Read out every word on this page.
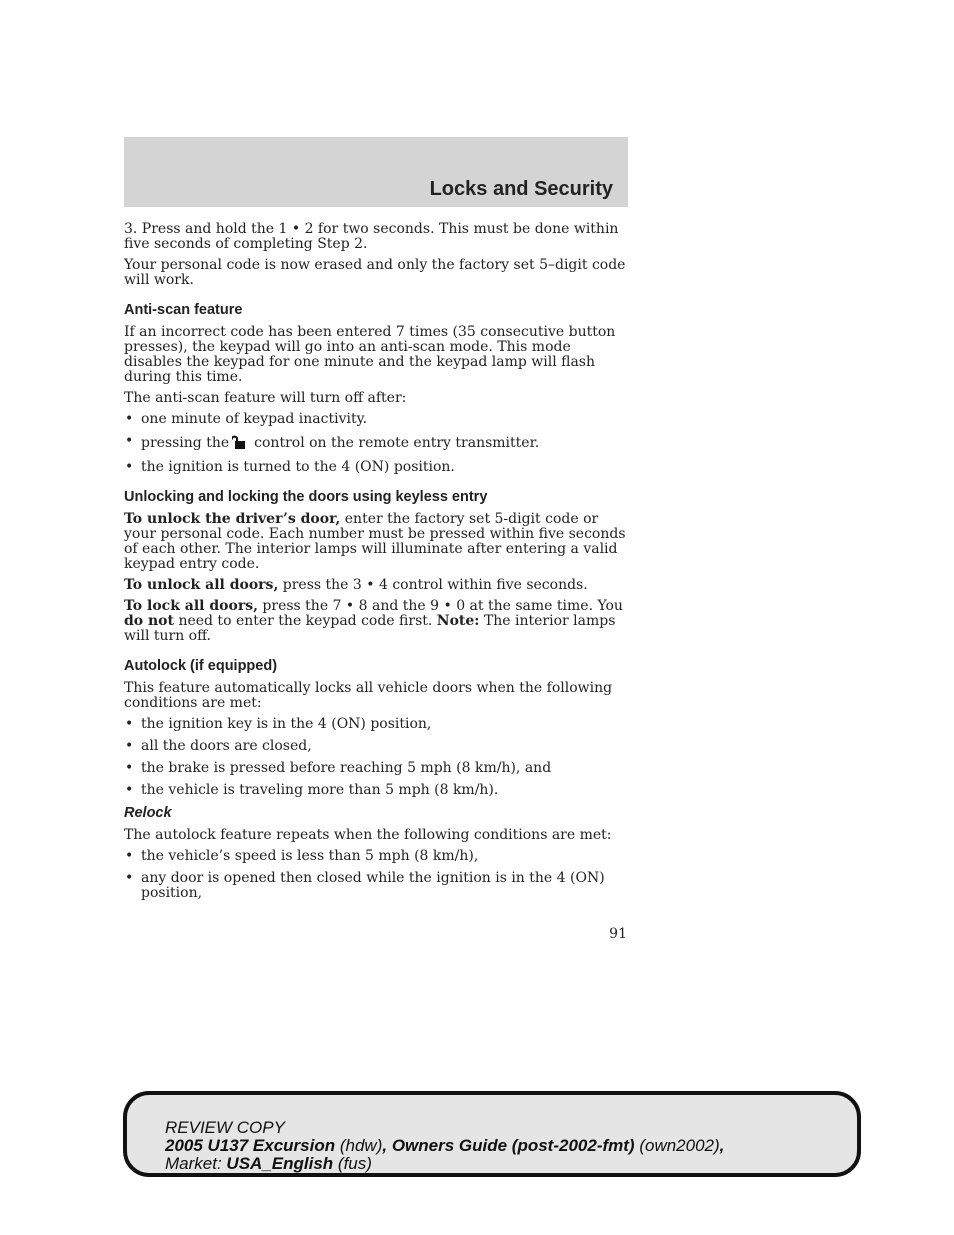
Locks and Security

3. Press and hold the 1 • 2 for two seconds. This must be done within five seconds of completing Step 2.

Your personal code is now erased and only the factory set 5–digit code will work.

Anti-scan feature

If an incorrect code has been entered 7 times (35 consecutive button presses), the keypad will go into an anti-scan mode. This mode disables the keypad for one minute and the keypad lamp will flash during this time.

The anti-scan feature will turn off after:

• one minute of keypad inactivity.
• pressing the control on the remote entry transmitter.
• the ignition is turned to the 4 (ON) position.
Unlocking and locking the doors using keyless entry

To unlock the driver’s door, enter the factory set 5-digit code or your personal code. Each number must be pressed within five seconds of each other. The interior lamps will illuminate after entering a valid keypad entry code.

To unlock all doors, press the 3 • 4 control within five seconds.

To lock all doors, press the 7 • 8 and the 9 • 0 at the same time. You do not need to enter the keypad code first. Note: The interior lamps will turn off.

Autolock (if equipped)

This feature automatically locks all vehicle doors when the following conditions are met:

• the ignition key is in the 4 (ON) position,
• all the doors are closed,
• the brake is pressed before reaching 5 mph (8 km/h), and
• the vehicle is traveling more than 5 mph (8 km/h).
Relock

The autolock feature repeats when the following conditions are met:

• the vehicle’s speed is less than 5 mph (8 km/h),
• any door is opened then closed while the ignition is in the 4 (ON) position,
91
REVIEW COPY
2005 U137 Excursion (hdw), Owners Guide (post-2002-fmt) (own2002),
Market: USA_English (fus)
